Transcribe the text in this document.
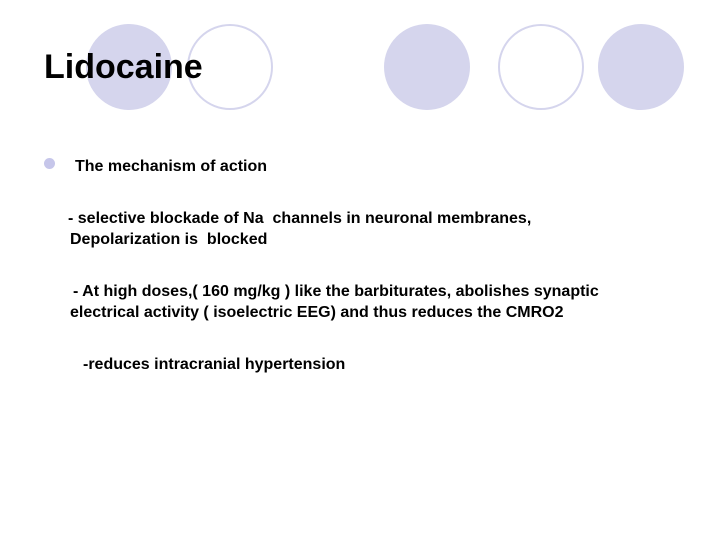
Lidocaine
The mechanism of action
- selective blockade of Na  channels in neuronal membranes,
Depolarization is  blocked
- At high doses,( 160 mg/kg ) like the barbiturates, abolishes synaptic
electrical activity ( isoelectric EEG) and thus reduces the CMRO2
-reduces intracranial hypertension
